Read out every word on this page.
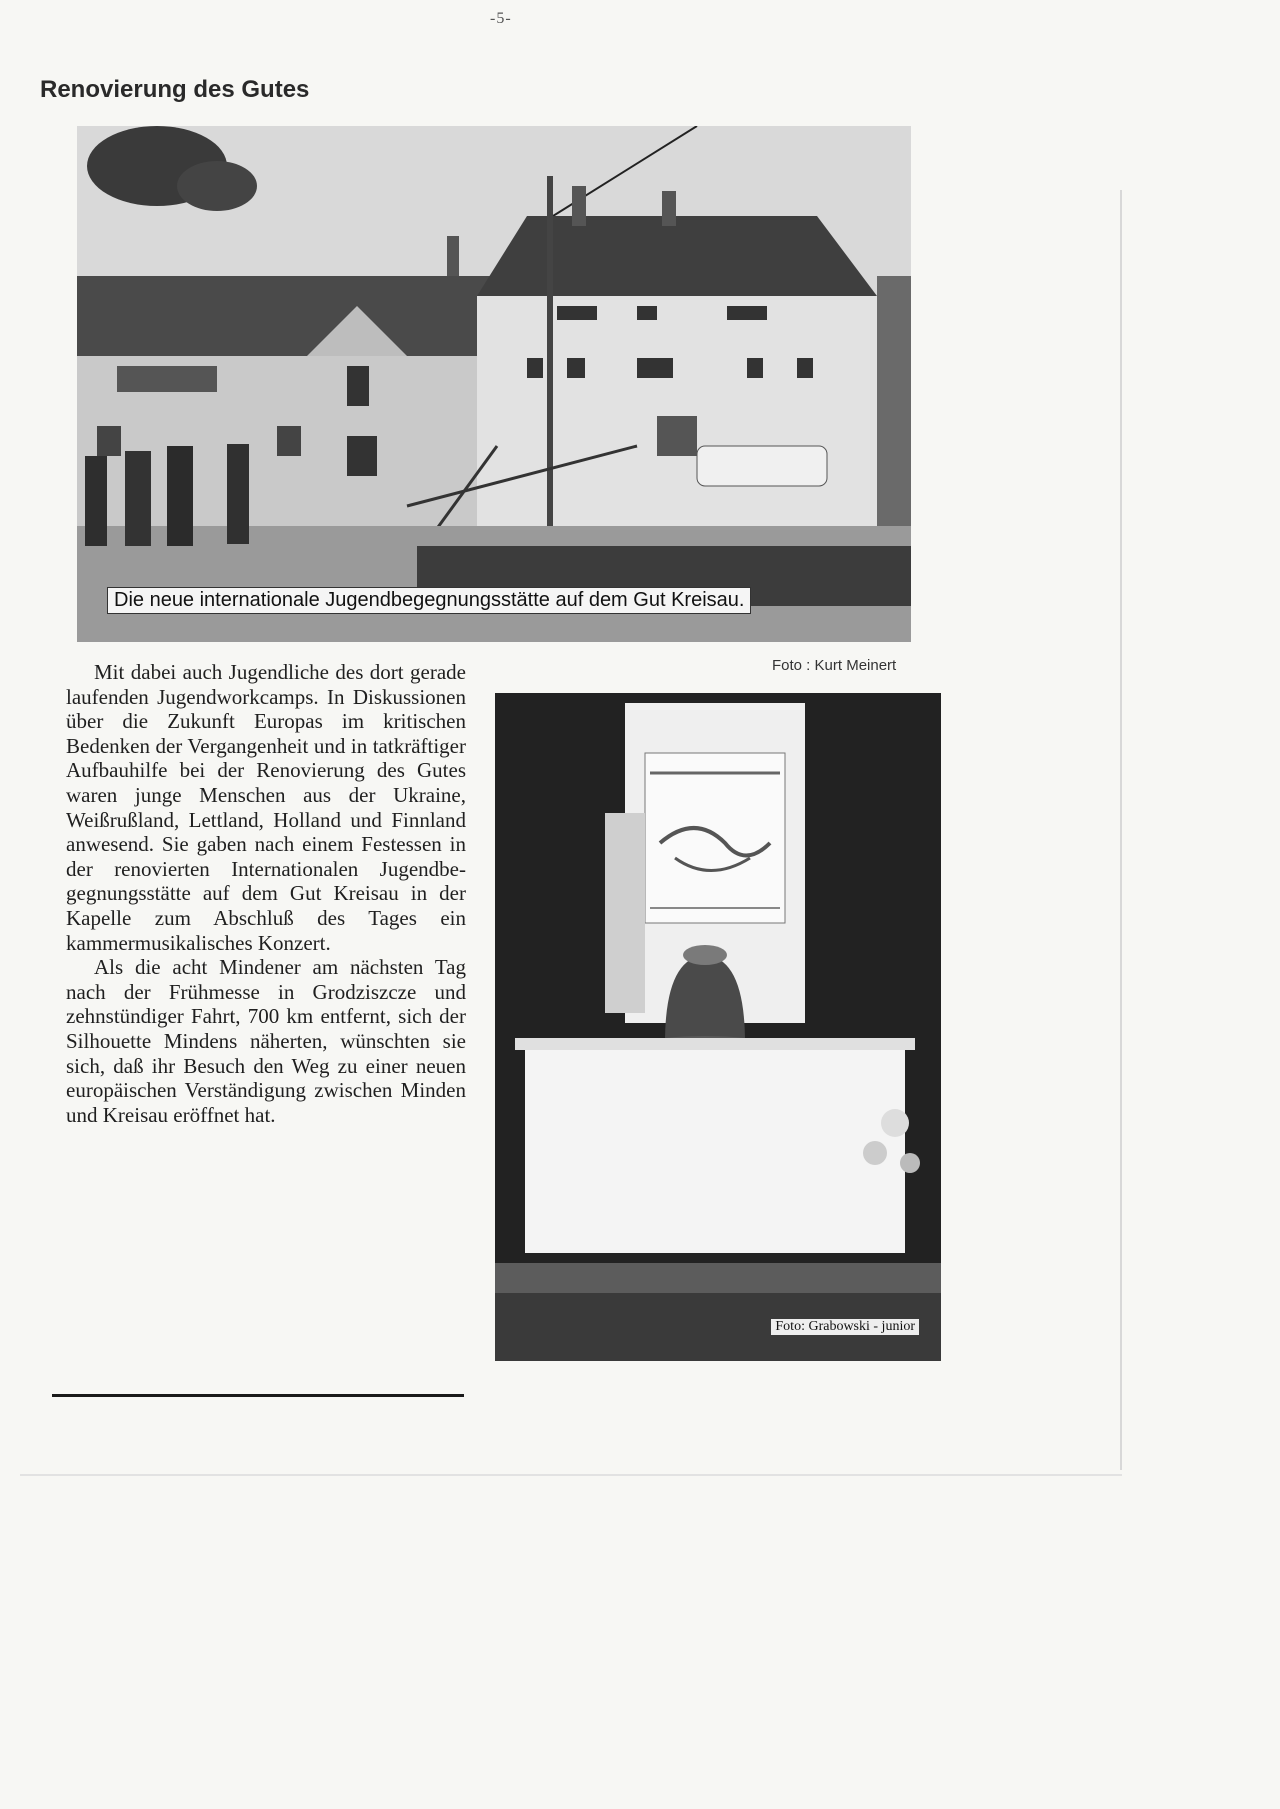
-5-
Renovierung des Gutes
Die neue internationale Jugendbegegnungsstätte auf dem Gut Kreisau.
Foto : Kurt Meinert

Mit dabei auch Jugendliche des dort gerade laufenden Jugendworkcamps. In Diskussionen über die Zukunft Europas im kritischen Bedenken der Vergangenheit und in tatkräftiger Aufbauhilfe bei der Renovierung des Gutes waren junge Menschen aus der Ukraine, Weißrußland, Lettland, Holland und Finnland anwesend. Sie gaben nach einem Festessen in der renovierten Internationalen Jugendbegegnungsstätte auf dem Gut Kreisau in der Kapelle zum Abschluß des Tages ein kammermusikalisches Konzert.

Als die acht Mindener am nächsten Tag nach der Frühmesse in Grodziszcze und zehnstündiger Fahrt, 700 km entfernt, sich der Silhouette Mindens näherten, wünschten sie sich, daß ihr Besuch den Weg zu einer neuen europäischen Verständigung zwischen Minden und Kreisau eröffnet hat.

Foto: Grabowski - junior
